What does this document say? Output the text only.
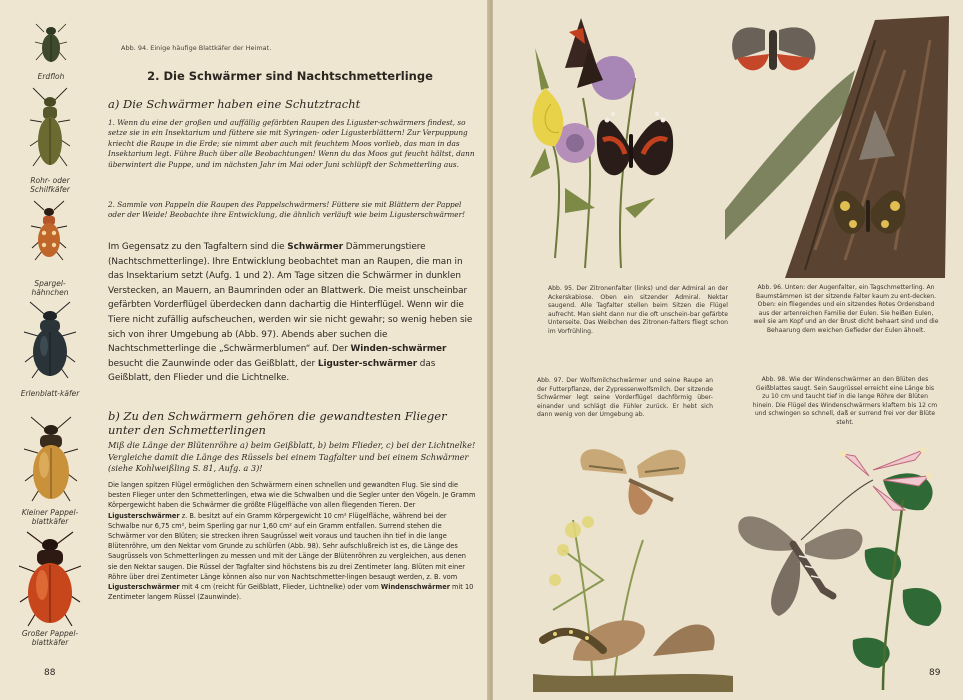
Erdfloh
Rohr- oder Schilfkäfer
Spargel-hähnchen
Erlenblatt-käfer
Kleiner Pappel-blattkäfer
Großer Pappel-blattkäfer
Abb. 94. Einige häufige Blattkäfer der Heimat.
2. Die Schwärmer sind Nachtschmetterlinge

a) Die Schwärmer haben eine Schutztracht

1. Wenn du eine der großen und auffällig gefärbten Raupen des Liguster-schwärmers findest, so setze sie in ein Insektarium und füttere sie mit Syringen- oder Ligusterblättern! Zur Verpuppung kriecht die Raupe in die Erde; sie nimmt aber auch mit feuchtem Moos vorlieb, das man in das Insektarium legt. Führe Buch über alle Beobachtungen! Wenn du das Moos gut feucht hältst, dann überwintert die Puppe, und im nächsten Jahr im Mai oder Juni schlüpft der Schmetterling aus.

2. Sammle von Pappeln die Raupen des Pappelschwärmers! Füttere sie mit Blättern der Pappel oder der Weide! Beobachte ihre Entwicklung, die ähnlich verläuft wie beim Ligusterschwärmer!

Im Gegensatz zu den Tagfaltern sind die Schwärmer Dämmerungstiere (Nachtschmetterlinge). Ihre Entwicklung beobachtet man an Raupen, die man in das Insektarium setzt (Aufg. 1 und 2). Am Tage sitzen die Schwärmer in dunklen Verstecken, an Mauern, an Baumrinden oder an Blattwerk. Die meist unscheinbar gefärbten Vorderflügel überdecken dann dachartig die Hinterflügel. Wenn wir die Tiere nicht zufällig aufscheuchen, werden wir sie nicht gewahr; so wenig heben sie sich von ihrer Umgebung ab (Abb. 97). Abends aber suchen die Nachtschmetterlinge die „Schwärmerblumen“ auf. Der Winden-schwärmer besucht die Zaunwinde oder das Geißblatt, der Liguster-schwärmer das Geißblatt, den Flieder und die Lichtnelke.

b) Zu den Schwärmern gehören die gewandtesten Flieger unter den Schmetterlingen

Miß die Länge der Blütenröhre a) beim Geißblatt, b) beim Flieder, c) bei der Lichtnelke! Vergleiche damit die Länge des Rüssels bei einem Tagfalter und bei einem Schwärmer (siehe Kohlweißling S. 81, Aufg. a 3)!

Die langen spitzen Flügel ermöglichen den Schwärmern einen schnellen und gewandten Flug. Sie sind die besten Flieger unter den Schmetterlingen, etwa wie die Schwalben und die Segler unter den Vögeln. Je Gramm Körpergewicht haben die Schwärmer die größte Flügelfläche von allen fliegenden Tieren. Der Ligusterschwärmer z. B. besitzt auf ein Gramm Körpergewicht 10 cm² Flügelfläche, während bei der Schwalbe nur 6,75 cm², beim Sperling gar nur 1,60 cm² auf ein Gramm entfallen. Surrend stehen die Schwärmer vor den Blüten; sie strecken ihren Saugrüssel weit voraus und tauchen ihn tief in die lange Blütenröhre, um den Nektar vom Grunde zu schlürfen (Abb. 98). Sehr aufschlußreich ist es, die Länge des Saugrüssels von Schmetterlingen zu messen und mit der Länge der Blütenröhren zu vergleichen, aus denen sie den Nektar saugen. Die Rüssel der Tagfalter sind höchstens bis zu drei Zentimeter lang. Blüten mit einer Röhre über drei Zentimeter Länge können also nur von Nachtschmetter-lingen besaugt werden, z. B. vom Ligusterschwärmer mit 4 cm (reicht für Geißblatt, Flieder, Lichtnelke) oder vom Windenschwärmer mit 10 Zentimeter langem Rüssel (Zaunwinde).

88
Abb. 95. Der Zitronenfalter (links) und der Admiral an der Ackerskabiose. Oben ein sitzender Admiral. Nektar saugend. Alle Tagfalter stellen beim Sitzen die Flügel aufrecht. Man sieht dann nur die oft unschein-bar gefärbte Unterseite. Das Weibchen des Zitronen-falters fliegt schon im Vorfrühling.
Abb. 96. Unten: der Augenfalter, ein Tagschmetterling. An Baumstämmen ist der sitzende Falter kaum zu ent-decken. Oben: ein fliegendes und ein sitzendes Rotes Ordensband aus der artenreichen Familie der Eulen. Sie heißen Eulen, weil sie am Kopf und an der Brust dicht behaart sind und die Behaarung dem weichen Gefieder der Eulen ähnelt.
Abb. 97. Der Wolfsmilchschwärmer und seine Raupe an der Futterpflanze, der Zypressenwolfsmilch. Der sitzende Schwärmer legt seine Vorderflügel dachförmig über-einander und schlägt die Fühler zurück. Er hebt sich dann wenig von der Umgebung ab.
Abb. 98. Wie der Windenschwärmer an den Blüten des Geißblattes saugt. Sein Saugrüssel erreicht eine Länge bis zu 10 cm und taucht tief in die lange Röhre der Blüten hinein. Die Flügel des Windenschwärmers klaftern bis 12 cm und schwingen so schnell, daß er surrend frei vor der Blüte steht.
89
